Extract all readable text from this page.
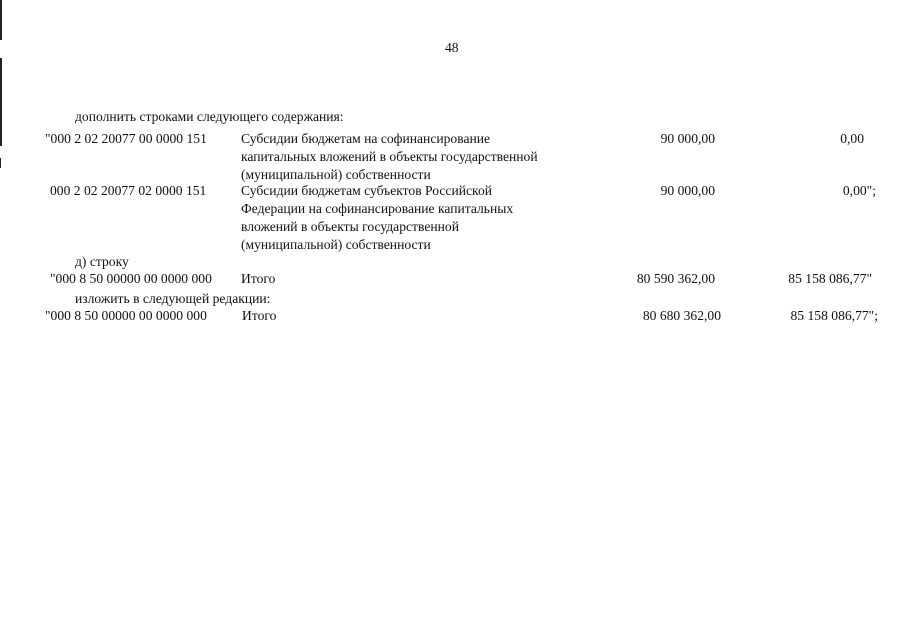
48
дополнить строками следующего содержания:
"000 2 02 20077 00 0000 151	Субсидии бюджетам на софинансирование
капитальных вложений в объекты государственной
(муниципальной) собственности
90 000,00	0,00
000 2 02 20077 02 0000 151	Субсидии бюджетам субъектов Российской
Федерации на софинансирование капитальных
вложений в объекты государственной
(муниципальной) собственности
90 000,00	0,00";
д) строку
"000 8 50 00000 00 0000 000 Итого	80 590 362,00	85 158 086,77"
изложить в следующей редакции:
"000 8 50 00000 00 0000 000	Итого	80 680 362,00	85 158 086,77";
